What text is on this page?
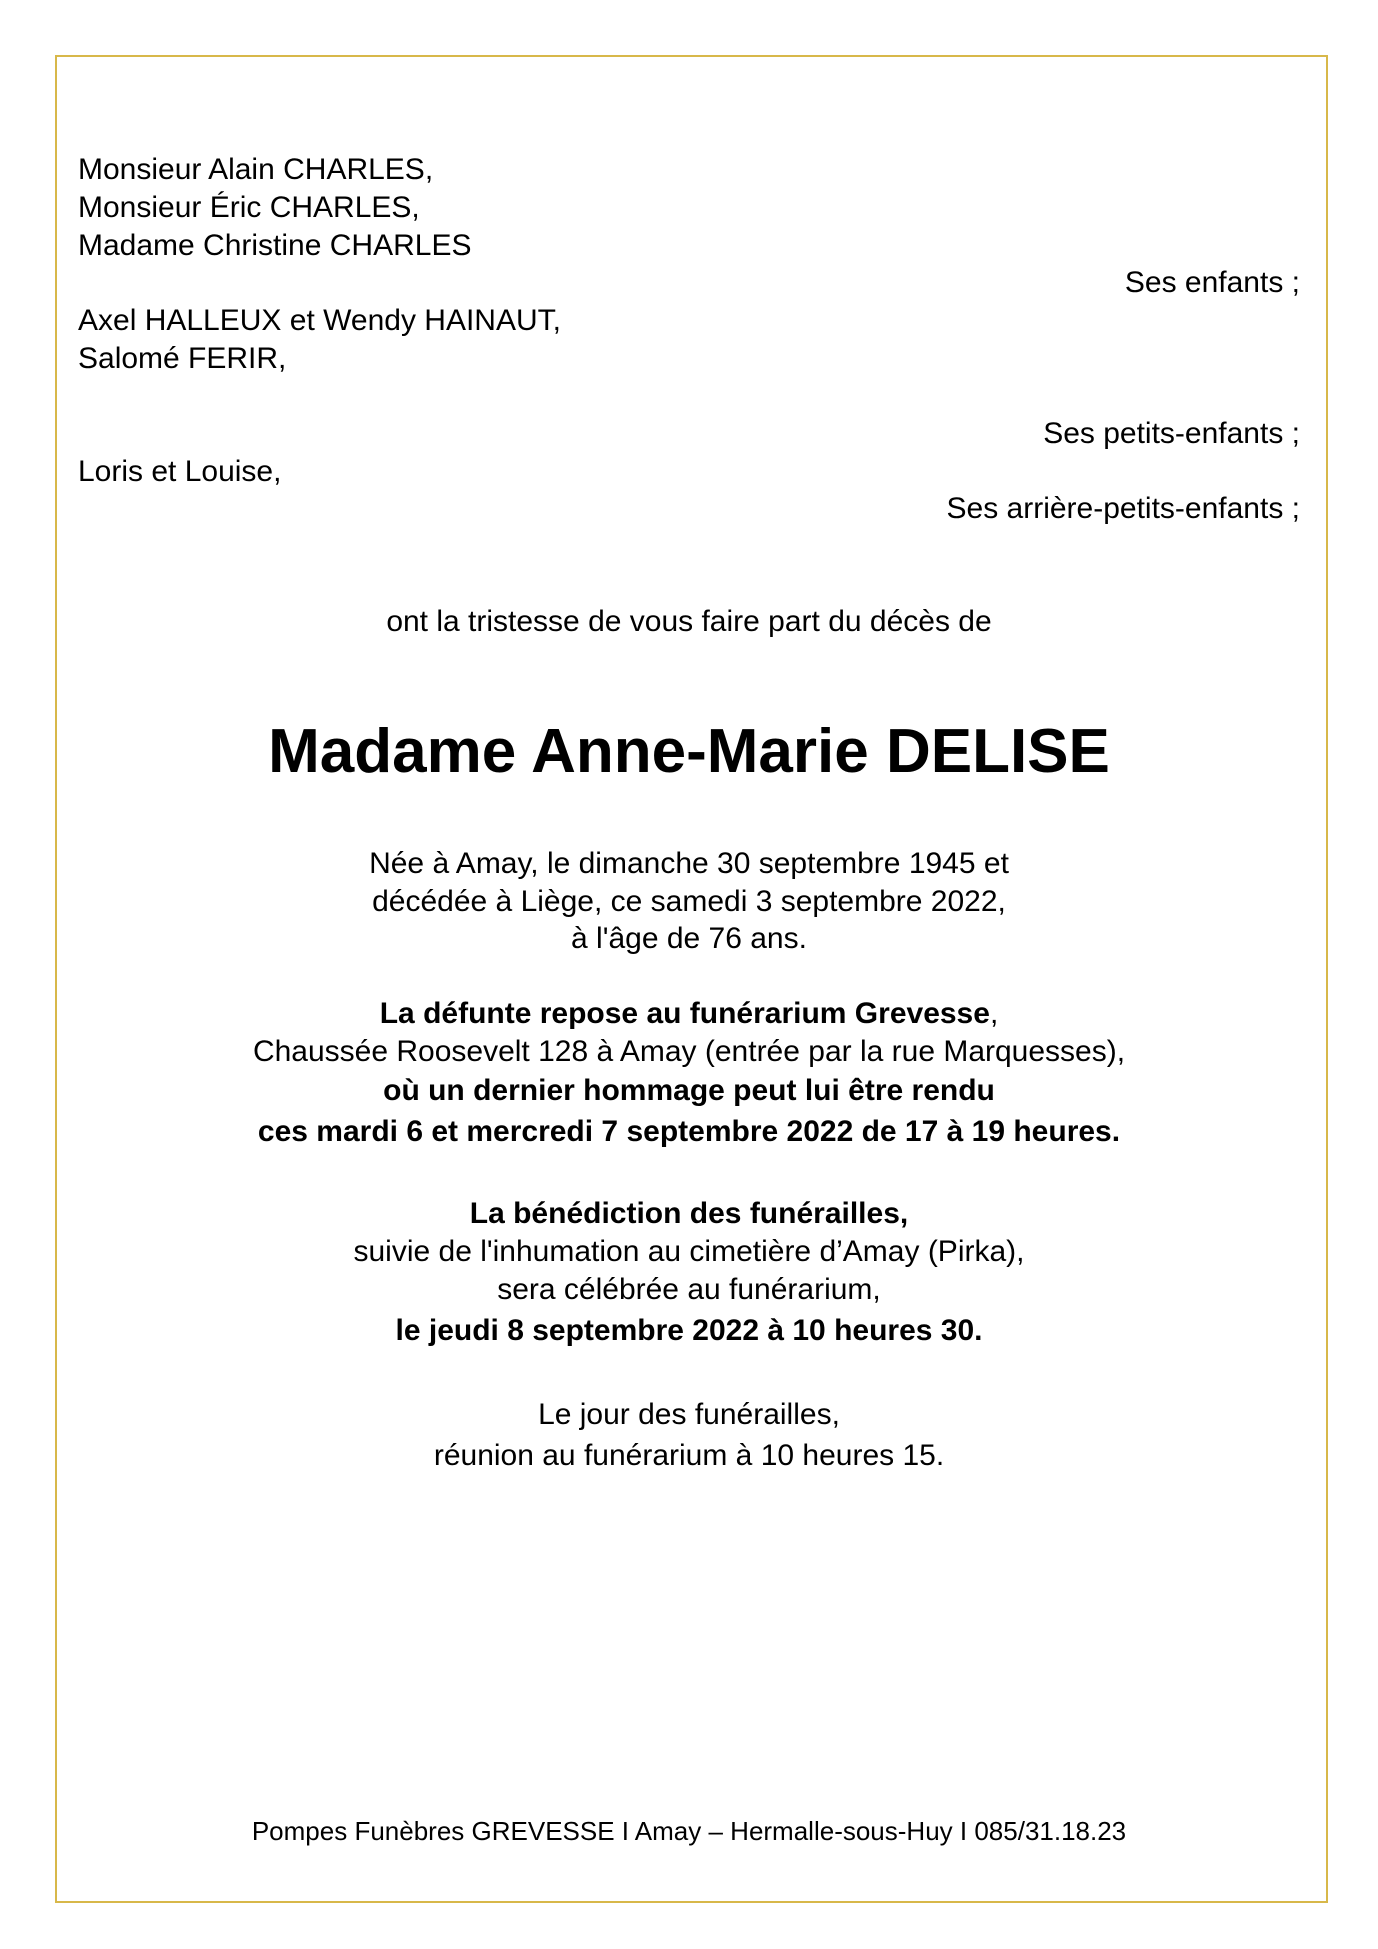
Monsieur Alain CHARLES,
Monsieur Éric CHARLES,
Madame Christine CHARLES
Ses enfants ;
Axel HALLEUX et Wendy HAINAUT,
Salomé FERIR,
Ses petits-enfants ;
Loris et Louise,
Ses arrière-petits-enfants ;
ont la tristesse de vous faire part du décès de
Madame Anne-Marie DELISE
Née à Amay, le dimanche 30 septembre 1945 et
décédée à Liège, ce samedi 3 septembre 2022,
à l'âge de 76 ans.
La défunte repose au funérarium Grevesse,
Chaussée Roosevelt 128 à Amay (entrée par la rue Marquesses),
où un dernier hommage peut lui être rendu
ces mardi 6 et mercredi 7 septembre 2022 de 17 à 19 heures.
La bénédiction des funérailles,
suivie de l'inhumation au cimetière d’Amay (Pirka),
sera célébrée au funérarium,
le jeudi 8 septembre 2022 à 10 heures 30.
Le jour des funérailles,
réunion au funérarium à 10 heures 15.
Pompes Funèbres GREVESSE I Amay – Hermalle-sous-Huy I 085/31.18.23
